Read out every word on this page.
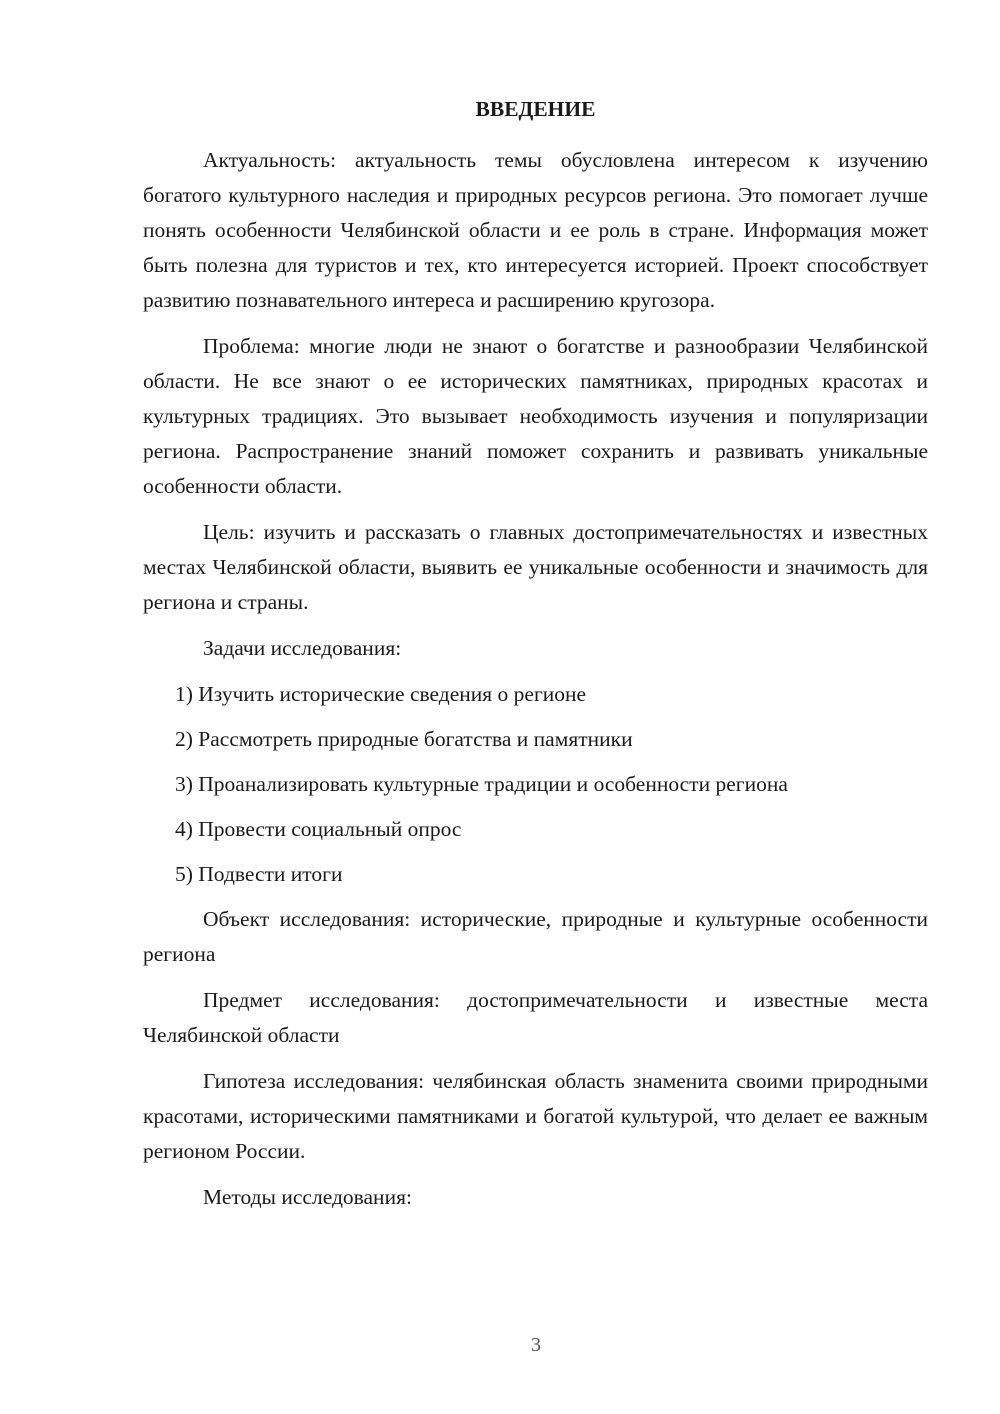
ВВЕДЕНИЕ

Актуальность: актуальность темы обусловлена интересом к изучению богатого культурного наследия и природных ресурсов региона. Это помогает лучше понять особенности Челябинской области и ее роль в стране. Информация может быть полезна для туристов и тех, кто интересуется историей. Проект способствует развитию познавательного интереса и расширению кругозора.

Проблема: многие люди не знают о богатстве и разнообразии Челябинской области. Не все знают о ее исторических памятниках, природных красотах и культурных традициях. Это вызывает необходимость изучения и популяризации региона. Распространение знаний поможет сохранить и развивать уникальные особенности области.

Цель: изучить и рассказать о главных достопримечательностях и известных местах Челябинской области, выявить ее уникальные особенности и значимость для региона и страны.

Задачи исследования:

1) Изучить исторические сведения о регионе
2) Рассмотреть природные богатства и памятники
3) Проанализировать культурные традиции и особенности региона
4) Провести социальный опрос
5) Подвести итоги

Объект исследования: исторические, природные и культурные особенности региона

Предмет исследования: достопримечательности и известные места Челябинской области

Гипотеза исследования: челябинская область знаменита своими природными красотами, историческими памятниками и богатой культурой, что делает ее важным регионом России.

Методы исследования:

3
